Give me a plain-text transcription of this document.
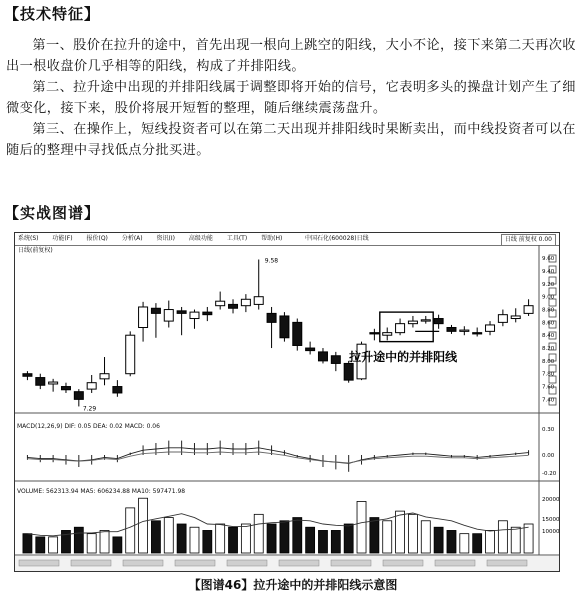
【技术特征】
第一、股价在拉升的途中，首先出现一根向上跳空的阳线，大小不论，接下来第二天再次收出一根收盘价几乎相等的阳线，构成了并排阳线。
第二、拉升途中出现的并排阳线属于调整即将开始的信号，它表明多头的操盘计划产生了细微变化，接下来，股价将展开短暂的整理，随后继续震荡盘升。
第三、在操作上，短线投资者可以在第二天出现并排阳线时果断卖出，而中线投资者可以在随后的整理中寻找低点分批买进。
【实战图谱】
系统(S) 功能(F) 报价(Q) 分析(A) 资讯(I) 高级功能 工具(T) 帮助(H)	中国石化(600028)日线	日线 前复权 0.00
日线(前复权)
MACD(12,26,9) DIF: 0.05 DEA: 0.02 MACD: 0.06
VOLUME: 562313.94 MA5: 606234.88 MA10: 597471.98
9.60
9.40
9.20
9.00
8.80
8.60
8.40
8.20
8.00
7.80
7.60
7.40
9.58
7.29
拉升途中的并排阳线
0.30
0.00
-0.20
20000
15000
10000
【图谱46】拉升途中的并排阳线示意图
